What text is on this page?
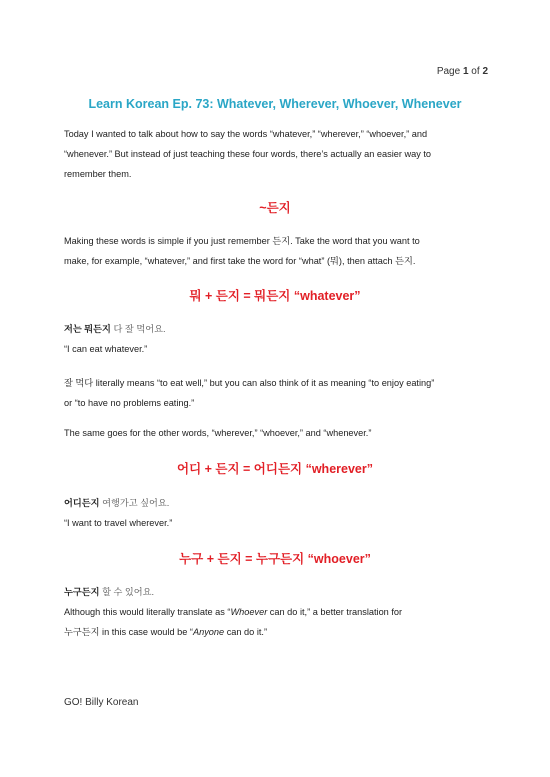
Page 1 of 2
Learn Korean Ep. 73: Whatever, Wherever, Whoever, Whenever
Today I wanted to talk about how to say the words “whatever,” “wherever,” “whoever,” and
“whenever.” But instead of just teaching these four words, there’s actually an easier way to
remember them.
~든지
Making these words is simple if you just remember 든지. Take the word that you want to
make, for example, “whatever,” and first take the word for “what” (뭐), then attach 든지.
뭐 + 든지 = 뭐든지 “whatever”
저는 뭐든지 다 잘 먹어요.
“I can eat whatever.”
잘 먹다 literally means “to eat well,” but you can also think of it as meaning “to enjoy eating”
or “to have no problems eating.”
The same goes for the other words, “wherever,” “whoever,” and “whenever.”
어디 + 든지 = 어디든지 “wherever”
어디든지 여행가고 싶어요.
“I want to travel wherever.”
누구 + 든지 = 누구든지 “whoever”
누구든지 할 수 있어요.
Although this would literally translate as “Whoever can do it,” a better translation for
누구든지 in this case would be “Anyone can do it.”
GO! Billy Korean
